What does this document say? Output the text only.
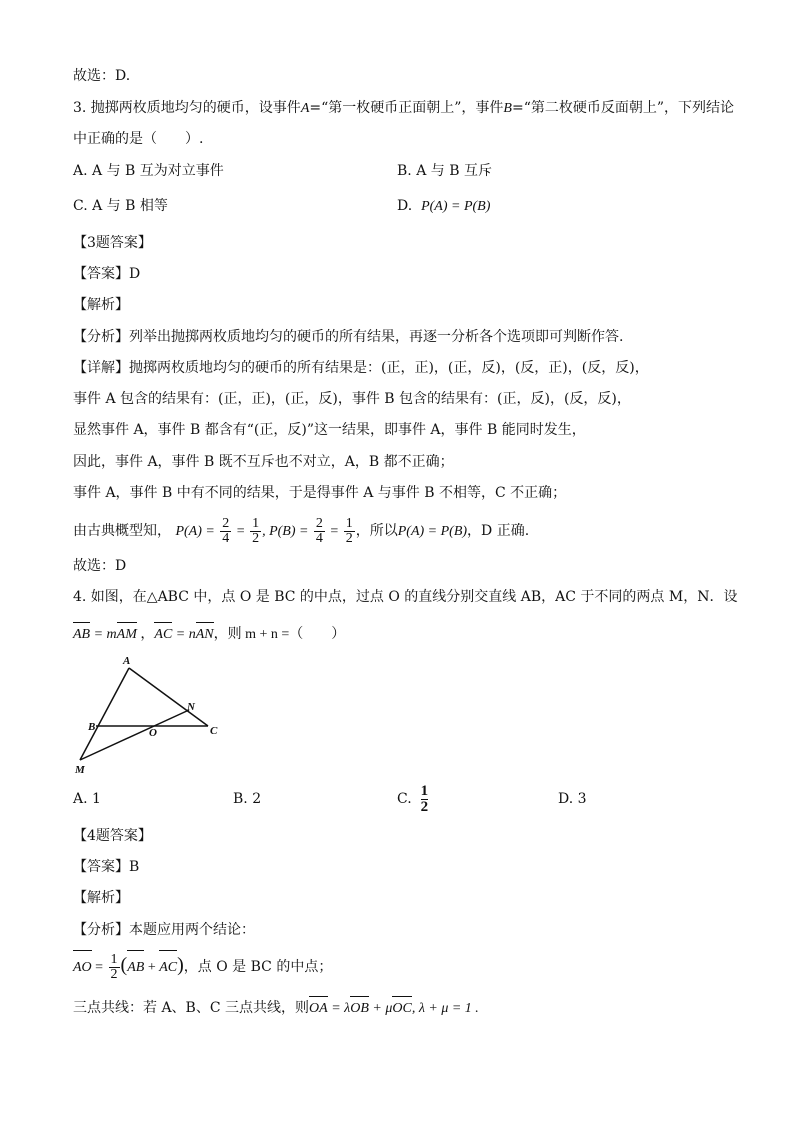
故选：D.
3. 抛掷两枚质地均匀的硬币，设事件A=“第一枚硬币正面朝上”，事件B=“第二枚硬币反面朝上”，下列结论
中正确的是（　　）.
A. A 与 B 互为对立事件	B. A 与 B 互斥
C. A 与 B 相等	D. P(A) = P(B)
【3题答案】
【答案】D
【解析】
【分析】列举出抛掷两枚质地均匀的硬币的所有结果，再逐一分析各个选项即可判断作答.
【详解】抛掷两枚质地均匀的硬币的所有结果是：(正，正)，(正，反)，(反，正)，(反，反)，
事件 A 包含的结果有：(正，正)，(正，反)，事件 B 包含的结果有：(正，反)，(反，反)，
显然事件 A，事件 B 都含有“(正，反)”这一结果，即事件 A，事件 B 能同时发生，
因此，事件 A，事件 B 既不互斥也不对立，A，B 都不正确；
事件 A，事件 B 中有不同的结果，于是得事件 A 与事件 B 不相等，C 不正确；
由古典概型知， $P(A) = \frac{2}{4} = \frac{1}{2}$ , $P(B) = \frac{2}{4} = \frac{1}{2}$ ，所以P(A) = P(B)，D 正确.
故选：D
4. 如图，在△ABC 中，点 O 是 BC 的中点，过点 O 的直线分别交直线 AB，AC 于不同的两点 M，N．设
AB = mAM ，AC = nAN，则 m + n =（　　）
A
B	C
M
N
O
A. 1	B. 2	C. $\frac{1}{2}$	D. 3
【4题答案】
【答案】B
【解析】
【分析】本题应用两个结论：
AO = $\frac{1}{2} (AB + AC)$，点 O 是 BC 的中点；
三点共线：若 A、B、C 三点共线，则OA = λOB + μOC, λ + μ = 1 .
